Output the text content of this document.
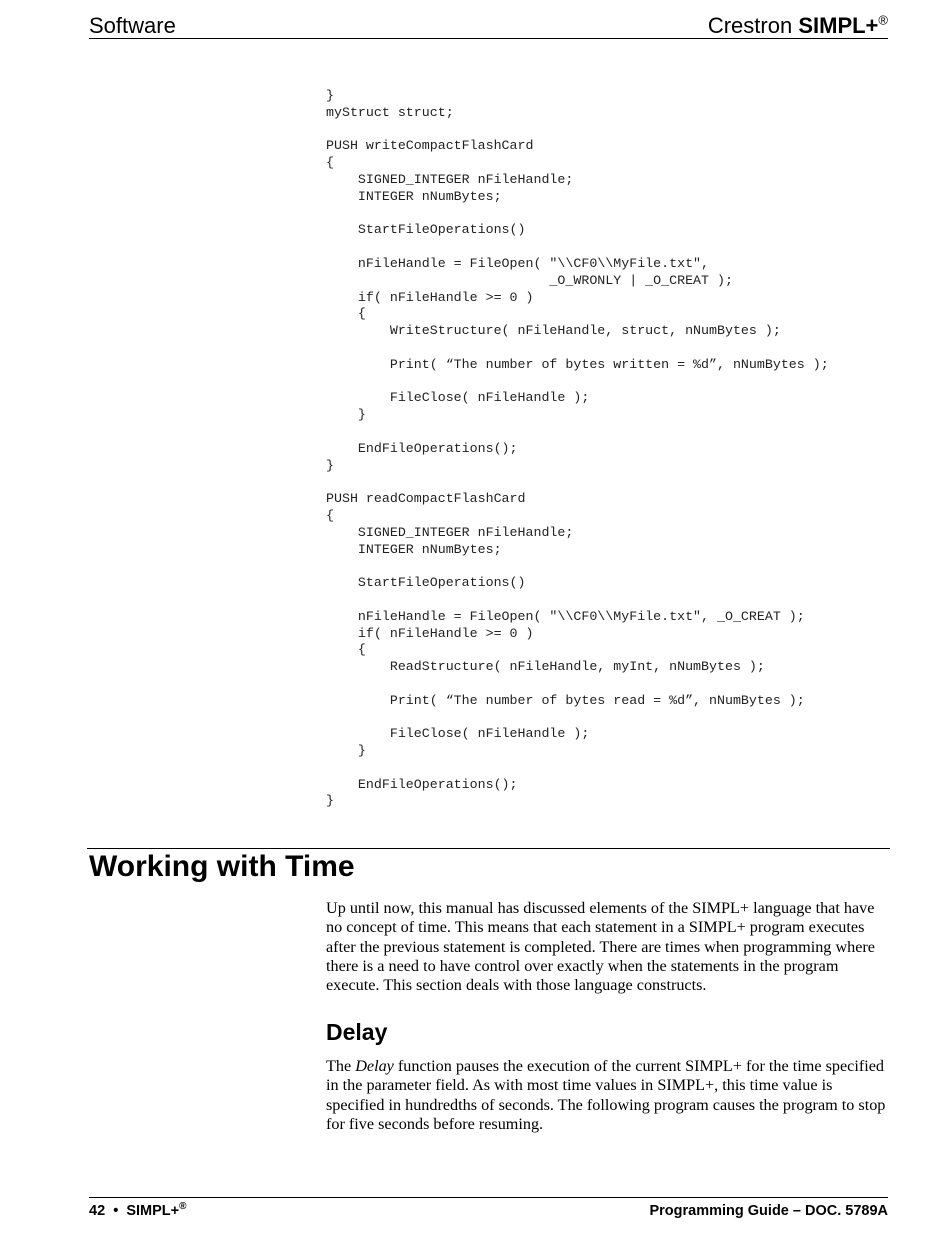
Software	Crestron SIMPL+®
}
myStruct struct;

PUSH writeCompactFlashCard
{
SIGNED_INTEGER nFileHandle;
INTEGER nNumBytes;

StartFileOperations()

nFileHandle = FileOpen( "\\CF0\\MyFile.txt",
_O_WRONLY | _O_CREAT );
if( nFileHandle >= 0 )
{
WriteStructure( nFileHandle, struct, nNumBytes );

Print( “The number of bytes written = %d”, nNumBytes );

FileClose( nFileHandle );
}

EndFileOperations();
}

PUSH readCompactFlashCard
{
SIGNED_INTEGER nFileHandle;
INTEGER nNumBytes;

StartFileOperations()

nFileHandle = FileOpen( "\\CF0\\MyFile.txt", _O_CREAT );
if( nFileHandle >= 0 )
{
ReadStructure( nFileHandle, myInt, nNumBytes );

Print( “The number of bytes read = %d”, nNumBytes );

FileClose( nFileHandle );
}

EndFileOperations();
}
Working with Time

Up until now, this manual has discussed elements of the SIMPL+ language that have no concept of time. This means that each statement in a SIMPL+ program executes after the previous statement is completed. There are times when programming where there is a need to have control over exactly when the statements in the program execute. This section deals with those language constructs.

Delay

The Delay function pauses the execution of the current SIMPL+ for the time specified in the parameter field. As with most time values in SIMPL+, this time value is specified in hundredths of seconds. The following program causes the program to stop for five seconds before resuming.

42 • SIMPL+®	Programming Guide – DOC. 5789A
